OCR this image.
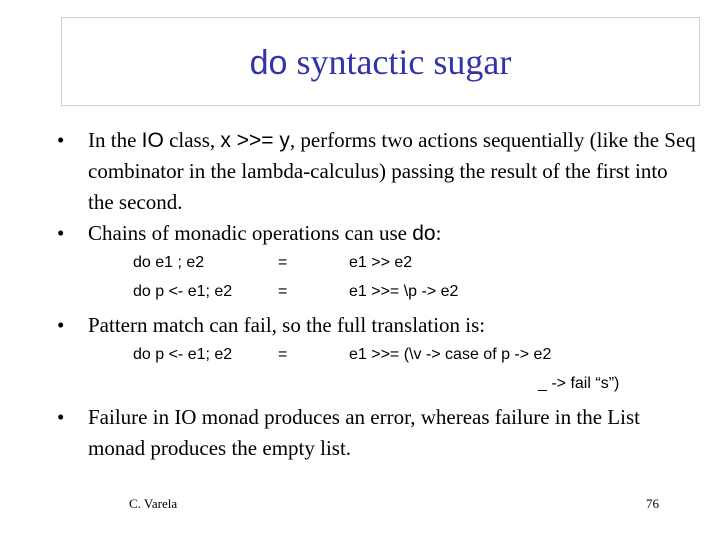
do syntactic sugar
• In the IO class, x >>= y, performs two actions sequentially (like the Seq combinator in the lambda-calculus) passing the result of the first into the second.
• Chains of monadic operations can use do:
do e1 ; e2	=	e1 >> e2
do p <- e1; e2	=	e1 >>= \p -> e2
• Pattern match can fail, so the full translation is:
do p <- e1; e2	=	e1 >>= (\v -> case of p -> e2
_ -> fail “s”)
• Failure in IO monad produces an error, whereas failure in the List monad produces the empty list.
C. Varela	76
